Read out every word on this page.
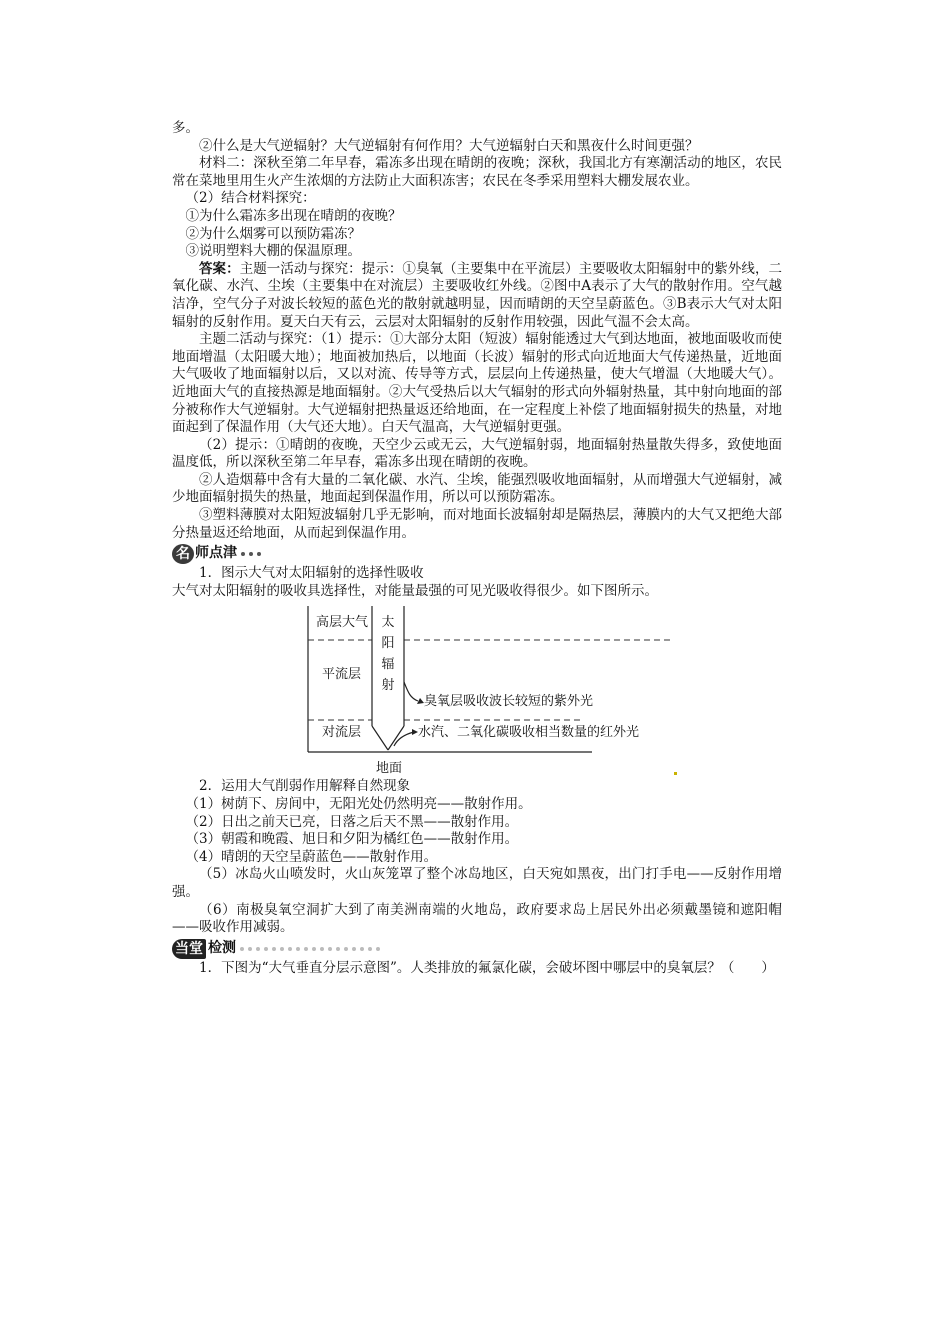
多。

②什么是大气逆辐射？大气逆辐射有何作用？大气逆辐射白天和黑夜什么时间更强？

材料二：深秋至第二年早春，霜冻多出现在晴朗的夜晚；深秋，我国北方有寒潮活动的地区，农民常在菜地里用生火产生浓烟的方法防止大面积冻害；农民在冬季采用塑料大棚发展农业。

（2）结合材料探究：

①为什么霜冻多出现在晴朗的夜晚？

②为什么烟雾可以预防霜冻？

③说明塑料大棚的保温原理。

答案：主题一活动与探究：提示：①臭氧（主要集中在平流层）主要吸收太阳辐射中的紫外线，二氧化碳、水汽、尘埃（主要集中在对流层）主要吸收红外线。②图中A表示了大气的散射作用。空气越洁净，空气分子对波长较短的蓝色光的散射就越明显，因而晴朗的天空呈蔚蓝色。③B表示大气对太阳辐射的反射作用。夏天白天有云，云层对太阳辐射的反射作用较强，因此气温不会太高。

主题二活动与探究：（1）提示：①大部分太阳（短波）辐射能透过大气到达地面，被地面吸收而使地面增温（太阳暖大地）；地面被加热后，以地面（长波）辐射的形式向近地面大气传递热量，近地面大气吸收了地面辐射以后，又以对流、传导等方式，层层向上传递热量，使大气增温（大地暖大气）。近地面大气的直接热源是地面辐射。②大气受热后以大气辐射的形式向外辐射热量，其中射向地面的部分被称作大气逆辐射。大气逆辐射把热量返还给地面，在一定程度上补偿了地面辐射损失的热量，对地面起到了保温作用（大气还大地）。白天气温高，大气逆辐射更强。

（2）提示：①晴朗的夜晚，天空少云或无云，大气逆辐射弱，地面辐射热量散失得多，致使地面温度低，所以深秋至第二年早春，霜冻多出现在晴朗的夜晚。

②人造烟幕中含有大量的二氧化碳、水汽、尘埃，能强烈吸收地面辐射，从而增强大气逆辐射，减少地面辐射损失的热量，地面起到保温作用，所以可以预防霜冻。

③塑料薄膜对太阳短波辐射几乎无影响，而对地面长波辐射却是隔热层，薄膜内的大气又把绝大部分热量返还给地面，从而起到保温作用。

名 师点津

1．图示大气对太阳辐射的选择性吸收

大气对太阳辐射的吸收具选择性，对能量最强的可见光吸收得很少。如下图所示。

高层大气
平流层
对流层
太阳辐射
臭氧层吸收波长较短的紫外光
水汽、二氧化碳吸收相当数量的红外光
地面

2．运用大气削弱作用解释自然现象

（1）树荫下、房间中，无阳光处仍然明亮——散射作用。

（2）日出之前天已亮，日落之后天不黑——散射作用。

（3）朝霞和晚霞、旭日和夕阳为橘红色——散射作用。

（4）晴朗的天空呈蔚蓝色——散射作用。

（5）冰岛火山喷发时，火山灰笼罩了整个冰岛地区，白天宛如黑夜，出门打手电——反射作用增强。

（6）南极臭氧空洞扩大到了南美洲南端的火地岛，政府要求岛上居民外出必须戴墨镜和遮阳帽——吸收作用减弱。

当堂 检测

1．下图为“大气垂直分层示意图”。人类排放的氟氯化碳，会破坏图中哪层中的臭氧层？（　　）
